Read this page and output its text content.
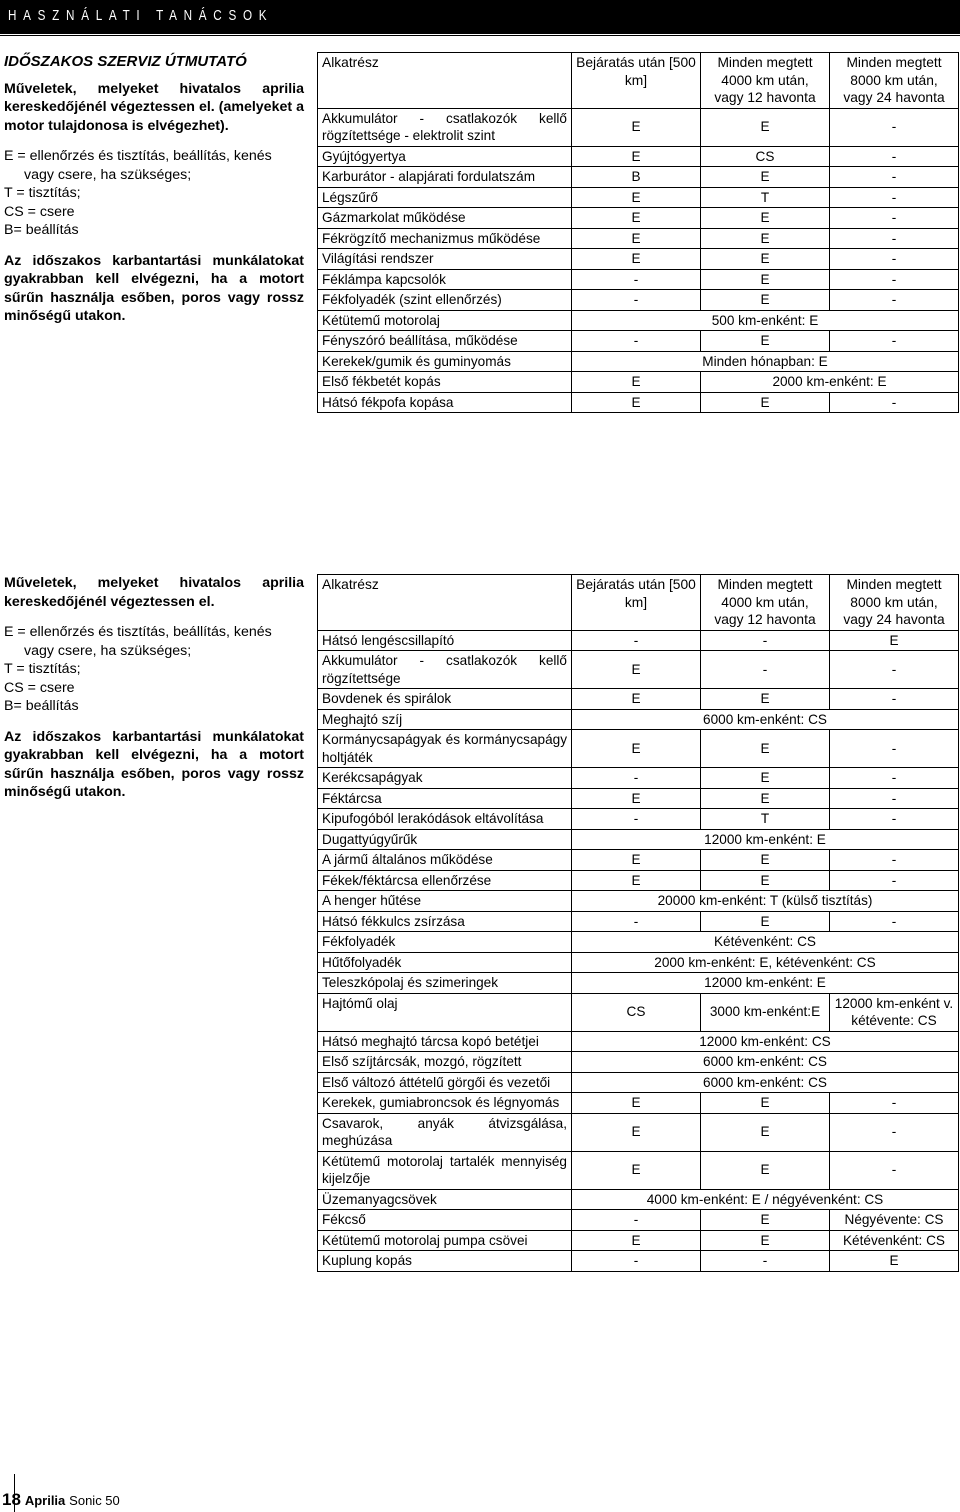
HASZNÁLATI TANÁCSOK
IDŐSZAKOS SZERVIZ ÚTMUTATÓ
Műveletek, melyeket hivatalos aprilia kereskedőjénél végeztessen el. (amelyeket a motor tulajdonosa is elvégezhet).
E = ellenőrzés és tisztítás, beállítás, kenés
vagy csere, ha szükséges;
T = tisztítás;
CS = csere
B= beállítás
Az időszakos karbantartási munkálatokat gyakrabban kell elvégezni, ha a motort sűrűn használja esőben, poros vagy rossz minőségű utakon.
Alkatrész	Bejáratás után [500 km]	Minden megtett 4000 km után, vagy 12 havonta	Minden megtett 8000 km után, vagy 24 havonta
Akkumulátor - csatlakozók kellő rögzítettsége - elektrolit szint	E	E	-
Gyújtógyertya	E	CS	-
Karburátor - alapjárati fordulatszám	B	E	-
Légszűrő	E	T	-
Gázmarkolat működése	E	E	-
Fékrögzítő mechanizmus működése	E	E	-
Világítási rendszer	E	E	-
Féklámpa kapcsolók	-	E	-
Fékfolyadék (szint ellenőrzés)	-	E	-
Kétütemű motorolaj	500 km-enként: E		
Fényszóró beállítása, működése	-	E	-
Kerekek/gumik és guminyomás	Minden hónapban: E		
Első fékbetét kopás	E	2000 km-enként: E	
Hátsó fékpofa kopása	E	E	-
Műveletek, melyeket hivatalos aprilia kereskedőjénél végeztessen el.
E = ellenőrzés és tisztítás, beállítás, kenés
vagy csere, ha szükséges;
T = tisztítás;
CS = csere
B= beállítás
Az időszakos karbantartási munkálatokat gyakrabban kell elvégezni, ha a motort sűrűn használja esőben, poros vagy rossz minőségű utakon.
Alkatrész	Bejáratás után [500 km]	Minden megtett 4000 km után, vagy 12 havonta	Minden megtett 8000 km után, vagy 24 havonta
Hátsó lengéscsillapító	-	-	E
Akkumulátor - csatlakozók kellő rögzítettsége	E	-	-
Bovdenek és spirálok	E	E	-
Meghajtó szíj	6000 km-enként: CS		
Kormánycsapágyak és kormánycsapágy holtjáték	E	E	-
Kerékcsapágyak	-	E	-
Féktárcsa	E	E	-
Kipufogóból lerakódások eltávolítása	-	T	-
Dugattyúgyűrűk	12000 km-enként: E		
A jármű általános működése	E	E	-
Fékek/féktárcsa ellenőrzése	E	E	-
A henger hűtése	20000 km-enként: T (külső tisztítás)		
Hátsó fékkulcs zsírzása	-	E	-
Fékfolyadék	Kétévenként: CS		
Hűtőfolyadék	2000 km-enként: E, kétévenként: CS		
Teleszkópolaj és szimeringek	12000 km-enként: E		
Hajtómű olaj	CS	3000 km-enként:E	12000 km-enként v. kétévente: CS
Hátsó meghajtó tárcsa kopó betétjei	12000 km-enként: CS		
Első szíjtárcsák, mozgó, rögzített	6000 km-enként: CS		
Első változó áttételű görgői és vezetői	6000 km-enként: CS		
Kerekek, gumiabroncsok és légnyomás	E	E	-
Csavarok, anyák átvizsgálása, meghúzása	E	E	-
Kétütemű motorolaj tartalék mennyiség kijelzője	E	E	-
Üzemanyagcsövek	4000 km-enként: E / négyévenként: CS		
Fékcső	-	E	Négyévente: CS
Kétütemű motorolaj pumpa csövei	E	E	Kétévenként: CS
Kuplung kopás	-	-	E
18 Aprilia Sonic 50
